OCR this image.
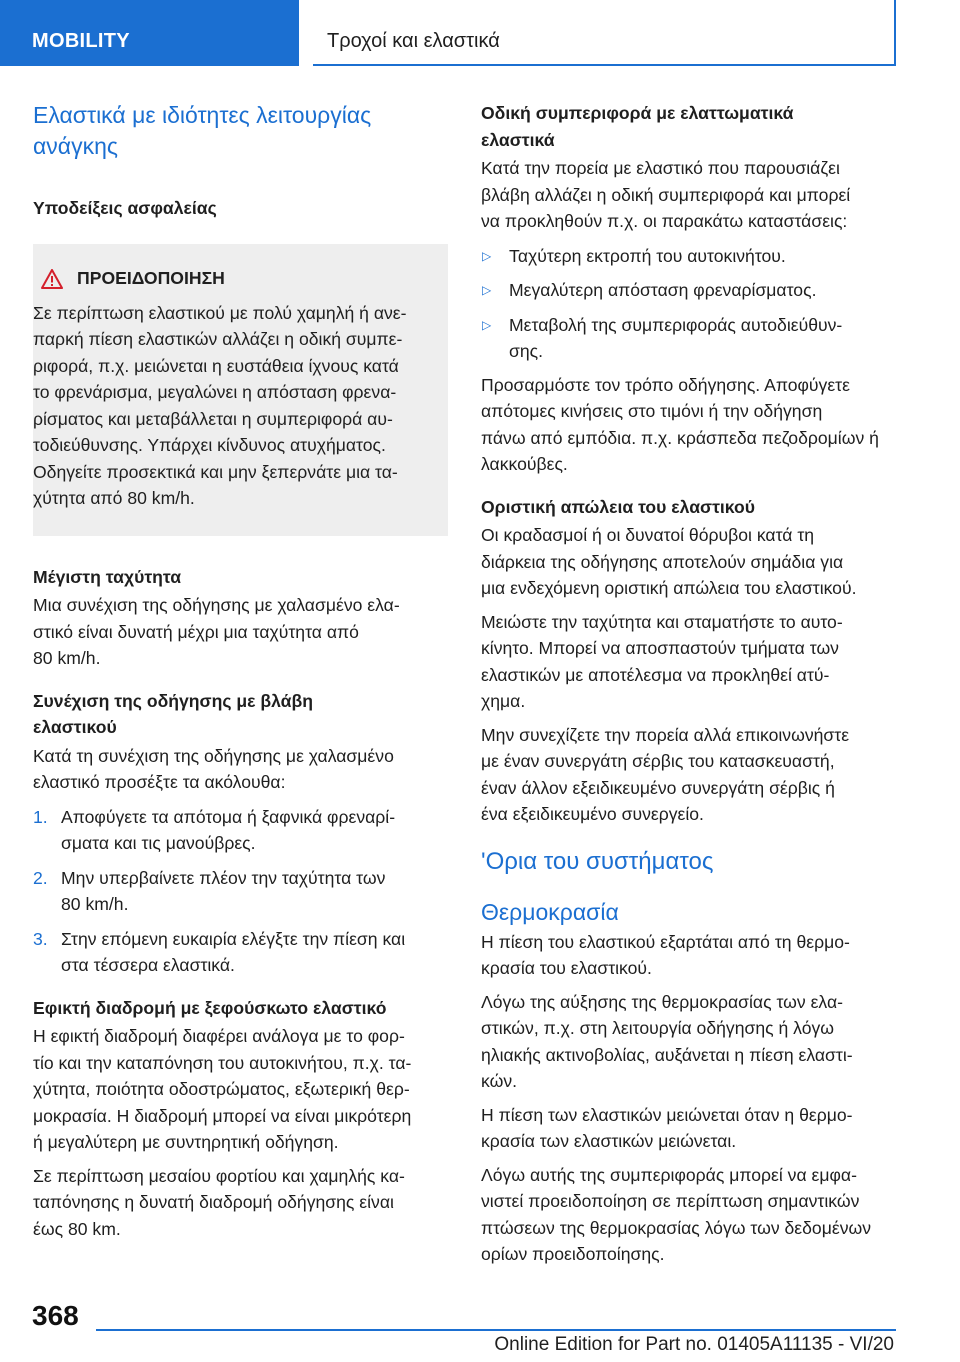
MOBILITY	Τροχοί και ελαστικά
Ελαστικά με ιδιότητες λειτουργίας ανάγκης

Υποδείξεις ασφαλείας

ΠΡΟΕΙΔΟΠΟΙΗΣΗ

Σε περίπτωση ελαστικού με πολύ χαμηλή ή ανε-
παρκή πίεση ελαστικών αλλάζει η οδική συμπε-
ριφορά, π.χ. μειώνεται η ευστάθεια ίχνους κατά
το φρενάρισμα, μεγαλώνει η απόσταση φρενα-
ρίσματος και μεταβάλλεται η συμπεριφορά αυ-
τοδιεύθυνσης. Υπάρχει κίνδυνος ατυχήματος.
Οδηγείτε προσεκτικά και μην ξεπερνάτε μια τα-
χύτητα από 80 km/h.

Μέγιστη ταχύτητα

Μια συνέχιση της οδήγησης με χαλασμένο ελα-
στικό είναι δυνατή μέχρι μια ταχύτητα από
80 km/h.

Συνέχιση της οδήγησης με βλάβη
ελαστικού

Κατά τη συνέχιση της οδήγησης με χαλασμένο
ελαστικό προσέξτε τα ακόλουθα:

1. Αποφύγετε τα απότομα ή ξαφνικά φρεναρί-
σματα και τις μανούβρες.
2. Μην υπερβαίνετε πλέον την ταχύτητα των
80 km/h.
3. Στην επόμενη ευκαιρία ελέγξτε την πίεση και
στα τέσσερα ελαστικά.

Εφικτή διαδρομή με ξεφούσκωτο ελαστικό

Η εφικτή διαδρομή διαφέρει ανάλογα με το φορ-
τίο και την καταπόνηση του αυτοκινήτου, π.χ. τα-
χύτητα, ποιότητα οδοστρώματος, εξωτερική θερ-
μοκρασία. Η διαδρομή μπορεί να είναι μικρότερη
ή μεγαλύτερη με συντηρητική οδήγηση.

Σε περίπτωση μεσαίου φορτίου και χαμηλής κα-
ταπόνησης η δυνατή διαδρομή οδήγησης είναι
έως 80 km.

Οδική συμπεριφορά με ελαττωματικά
ελαστικά

Κατά την πορεία με ελαστικό που παρουσιάζει
βλάβη αλλάζει η οδική συμπεριφορά και μπορεί
να προκληθούν π.χ. οι παρακάτω καταστάσεις:

▷ Ταχύτερη εκτροπή του αυτοκινήτου.
▷ Μεγαλύτερη απόσταση φρεναρίσματος.
▷ Μεταβολή της συμπεριφοράς αυτοδιεύθυν-
σης.

Προσαρμόστε τον τρόπο οδήγησης. Αποφύγετε
απότομες κινήσεις στο τιμόνι ή την οδήγηση
πάνω από εμπόδια. π.χ. κράσπεδα πεζοδρομίων ή
λακκούβες.

Οριστική απώλεια του ελαστικού

Οι κραδασμοί ή οι δυνατοί θόρυβοι κατά τη
διάρκεια της οδήγησης αποτελούν σημάδια για
μια ενδεχόμενη οριστική απώλεια του ελαστικού.

Μειώστε την ταχύτητα και σταματήστε το αυτο-
κίνητο. Μπορεί να αποσπαστούν τμήματα των
ελαστικών με αποτέλεσμα να προκληθεί ατύ-
χημα.

Μην συνεχίζετε την πορεία αλλά επικοινωνήστε
με έναν συνεργάτη σέρβις του κατασκευαστή,
έναν άλλον εξειδικευμένο συνεργάτη σέρβις ή
ένα εξειδικευμένο συνεργείο.

'Ορια του συστήματος
Θερμοκρασία

Η πίεση του ελαστικού εξαρτάται από τη θερμο-
κρασία του ελαστικού.

Λόγω της αύξησης της θερμοκρασίας των ελα-
στικών, π.χ. στη λειτουργία οδήγησης ή λόγω
ηλιακής ακτινοβολίας, αυξάνεται η πίεση ελαστι-
κών.

Η πίεση των ελαστικών μειώνεται όταν η θερμο-
κρασία των ελαστικών μειώνεται.

Λόγω αυτής της συμπεριφοράς μπορεί να εμφα-
νιστεί προειδοποίηση σε περίπτωση σημαντικών
πτώσεων της θερμοκρασίας λόγω των δεδομένων
ορίων προειδοποίησης.

368
Online Edition for Part no. 01405A11135 - VI/20
